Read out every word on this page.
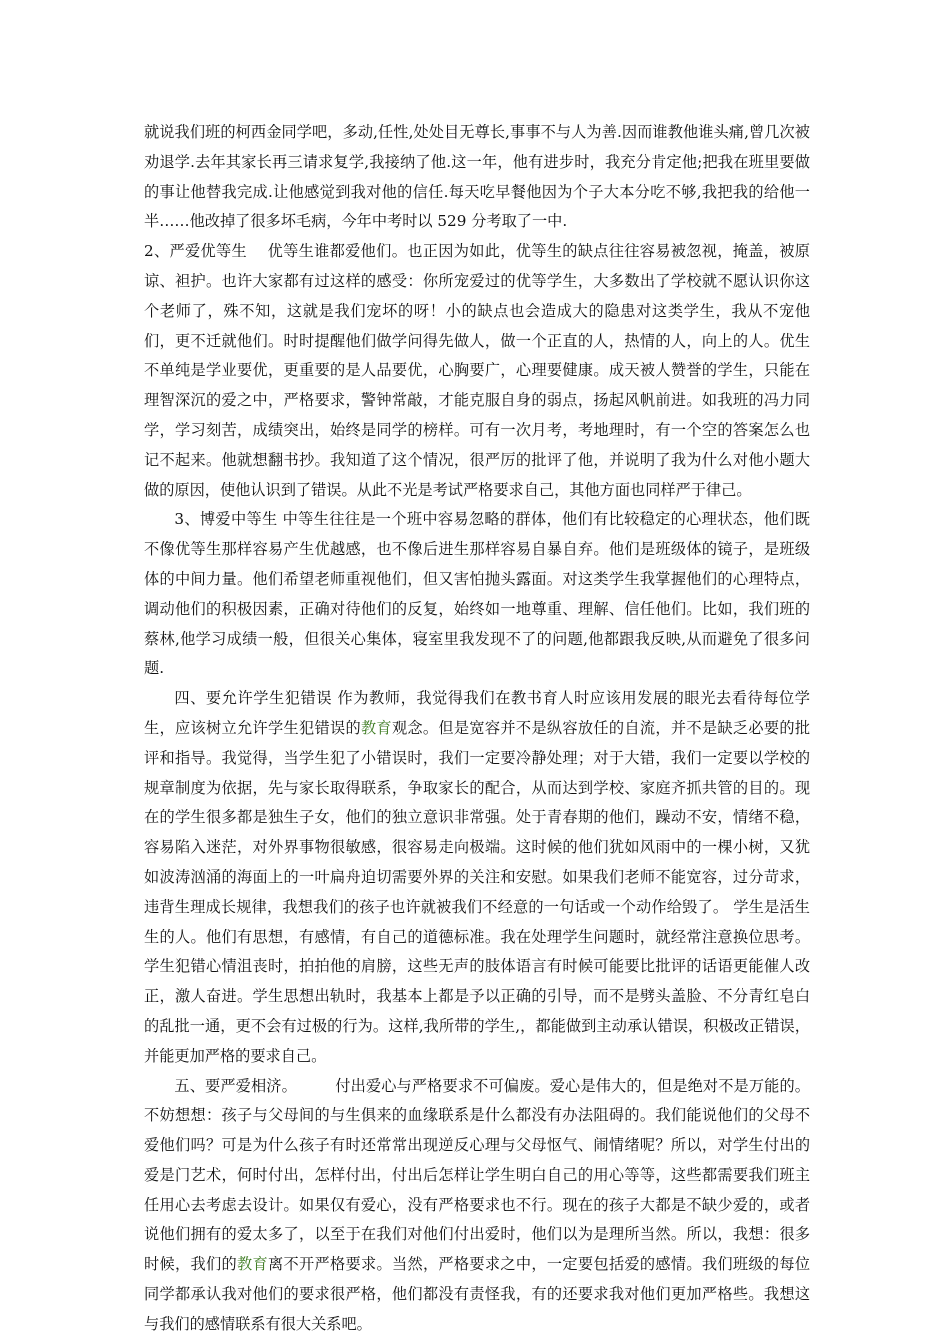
就说我们班的柯西金同学吧，多动,任性,处处目无尊长,事事不与人为善.因而谁教他谁头痛,曾几次被劝退学.去年其家长再三请求复学,我接纳了他.这一年，他有进步时，我充分肯定他;把我在班里要做的事让他替我完成.让他感觉到我对他的信任.每天吃早餐他因为个子大本分吃不够,我把我的给他一半……他改掉了很多坏毛病，今年中考时以 529 分考取了一中.

2、严爱优等生　 优等生谁都爱他们。也正因为如此，优等生的缺点往往容易被忽视，掩盖，被原谅、袒护。也许大家都有过这样的感受：你所宠爱过的优等学生，大多数出了学校就不愿认识你这个老师了，殊不知，这就是我们宠坏的呀！小的缺点也会造成大的隐患对这类学生，我从不宠他们，更不迁就他们。时时提醒他们做学问得先做人，做一个正直的人，热情的人，向上的人。优生不单纯是学业要优，更重要的是人品要优，心胸要广，心理要健康。成天被人赞誉的学生，只能在理智深沉的爱之中，严格要求，警钟常敲，才能克服自身的弱点，扬起风帆前进。如我班的冯力同学，学习刻苦，成绩突出，始终是同学的榜样。可有一次月考，考地理时，有一个空的答案怎么也记不起来。他就想翻书抄。我知道了这个情况，很严厉的批评了他，并说明了我为什么对他小题大做的原因，使他认识到了错误。从此不光是考试严格要求自己，其他方面也同样严于律己。

3、博爱中等生 中等生往往是一个班中容易忽略的群体，他们有比较稳定的心理状态，他们既不像优等生那样容易产生优越感，也不像后进生那样容易自暴自弃。他们是班级体的镜子，是班级体的中间力量。他们希望老师重视他们，但又害怕抛头露面。对这类学生我掌握他们的心理特点，调动他们的积极因素，正确对待他们的反复，始终如一地尊重、理解、信任他们。比如，我们班的蔡林,他学习成绩一般，但很关心集体，寝室里我发现不了的问题,他都跟我反映,从而避免了很多问题.

四、要允许学生犯错误 作为教师，我觉得我们在教书育人时应该用发展的眼光去看待每位学生，应该树立允许学生犯错误的教育观念。但是宽容并不是纵容放任的自流，并不是缺乏必要的批评和指导。我觉得，当学生犯了小错误时，我们一定要冷静处理；对于大错，我们一定要以学校的规章制度为依据，先与家长取得联系，争取家长的配合，从而达到学校、家庭齐抓共管的目的。现在的学生很多都是独生子女，他们的独立意识非常强。处于青春期的他们，躁动不安，情绪不稳，容易陷入迷茫，对外界事物很敏感，很容易走向极端。这时候的他们犹如风雨中的一棵小树，又犹如波涛汹涌的海面上的一叶扁舟迫切需要外界的关注和安慰。如果我们老师不能宽容，过分苛求，违背生理成长规律，我想我们的孩子也许就被我们不经意的一句话或一个动作给毁了。 学生是活生生的人。他们有思想，有感情，有自己的道德标准。我在处理学生问题时，就经常注意换位思考。学生犯错心情沮丧时，拍拍他的肩膀，这些无声的肢体语言有时候可能要比批评的话语更能催人改正，激人奋进。学生思想出轨时，我基本上都是予以正确的引导，而不是劈头盖脸、不分青红皂白的乱批一通，更不会有过极的行为。这样,我所带的学生,，都能做到主动承认错误，积极改正错误，并能更加严格的要求自己。

五、要严爱相济。　　　付出爱心与严格要求不可偏废。爱心是伟大的，但是绝对不是万能的。不妨想想：孩子与父母间的与生俱来的血缘联系是什么都没有办法阻碍的。我们能说他们的父母不爱他们吗？可是为什么孩子有时还常常出现逆反心理与父母怄气、闹情绪呢？所以，对学生付出的爱是门艺术，何时付出，怎样付出，付出后怎样让学生明白自己的用心等等，这些都需要我们班主任用心去考虑去设计。如果仅有爱心，没有严格要求也不行。现在的孩子大都是不缺少爱的，或者说他们拥有的爱太多了，以至于在我们对他们付出爱时，他们以为是理所当然。所以，我想：很多时候，我们的教育离不开严格要求。当然，严格要求之中，一定要包括爱的感情。我们班级的每位同学都承认我对他们的要求很严格，他们都没有责怪我，有的还要求我对他们更加严格些。我想这与我们的感情联系有很大关系吧。
